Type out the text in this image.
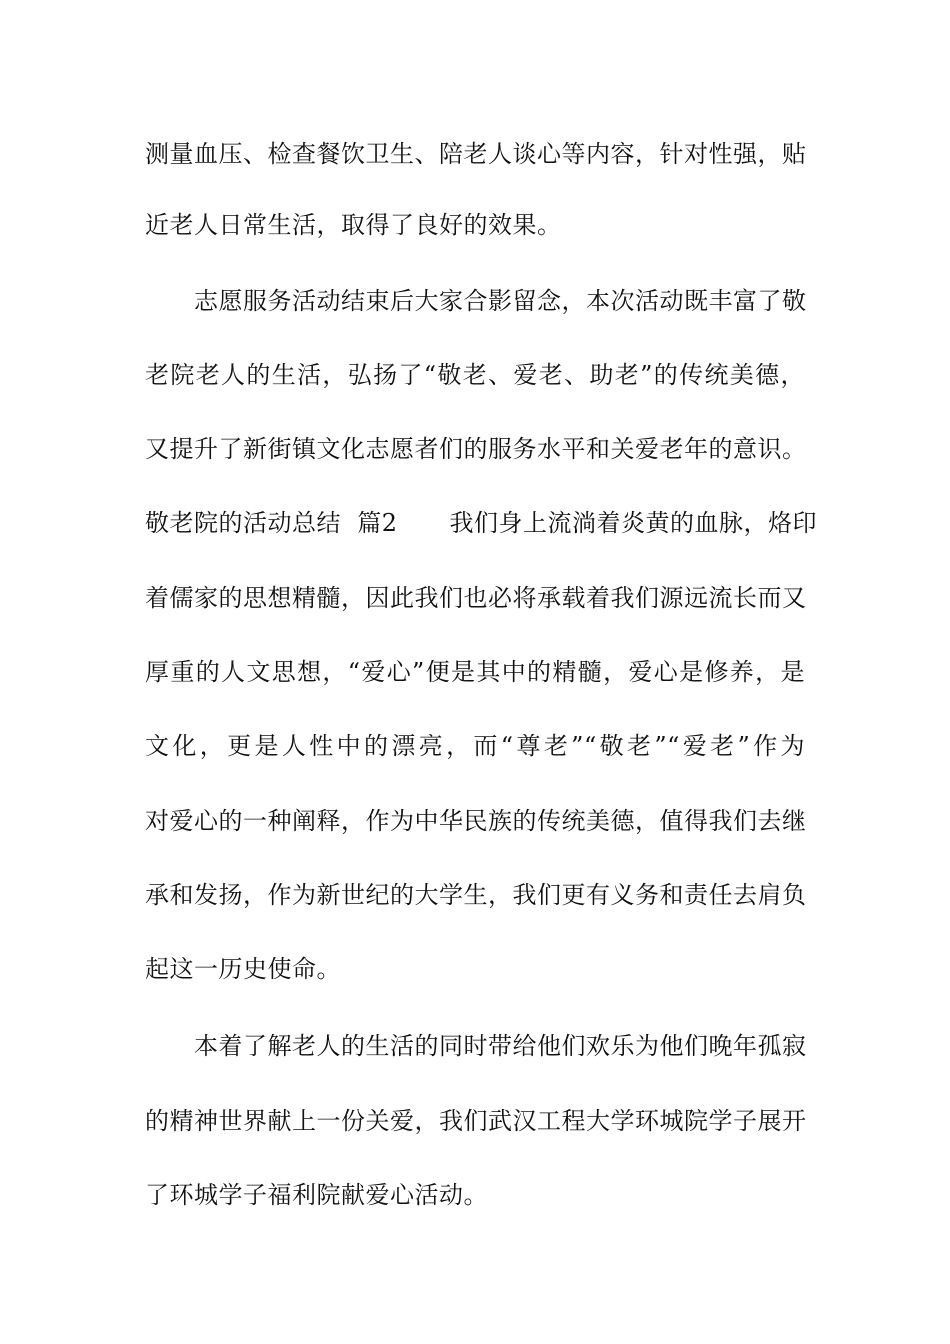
测量血压、检查餐饮卫生、陪老人谈心等内容，针对性强，贴
近老人日常生活，取得了良好的效果。
志愿服务活动结束后大家合影留念，本次活动既丰富了敬
老院老人的生活，弘扬了“敬老、爱老、助老”的传统美德，
又提升了新街镇文化志愿者们的服务水平和关爱老年的意识。
敬老院的活动总结  篇2 我们身上流淌着炎黄的血脉，烙印
着儒家的思想精髓，因此我们也必将承载着我们源远流长而又
厚重的人文思想，“爱心”便是其中的精髓，爱心是修养，是
文化，更是人性中的漂亮，而“尊老”“敬老”“爱老”作为
对爱心的一种阐释，作为中华民族的传统美德，值得我们去继
承和发扬，作为新世纪的大学生，我们更有义务和责任去肩负
起这一历史使命。
本着了解老人的生活的同时带给他们欢乐为他们晚年孤寂
的精神世界献上一份关爱，我们武汉工程大学环城院学子展开
了环城学子福利院献爱心活动。
